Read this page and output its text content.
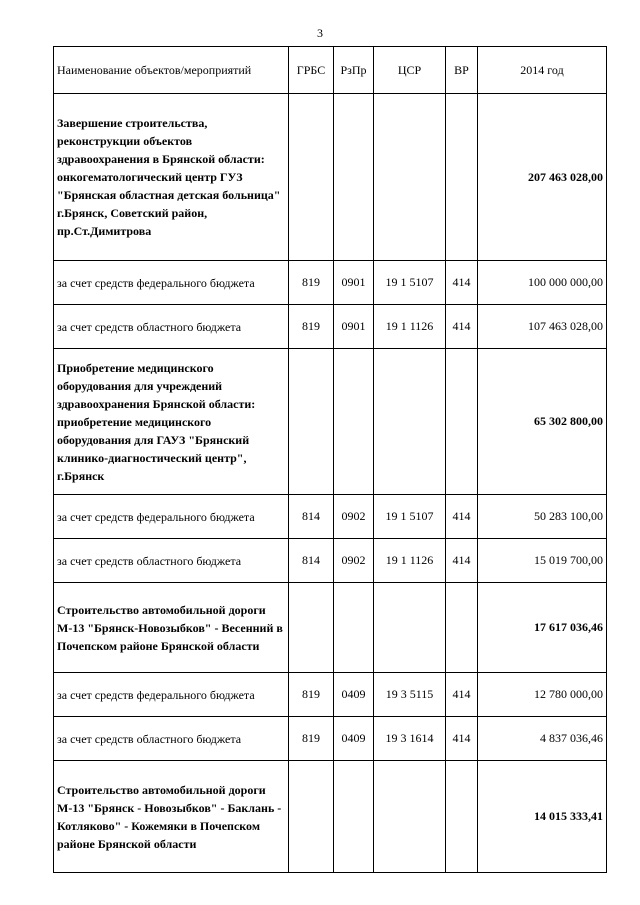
3
Наименование объектов/мероприятий	ГРБС	РзПр	ЦСР	ВР	2014 год
Завершение строительства, реконструкции объектов здравоохранения в Брянской области: онкогематологический центр ГУЗ "Брянская областная детская больница" г.Брянск, Советский район, пр.Ст.Димитрова					207 463 028,00
за счет средств федерального бюджета	819	0901	19 1 5107	414	100 000 000,00
за счет средств областного бюджета	819	0901	19 1 1126	414	107 463 028,00
Приобретение медицинского оборудования для учреждений здравоохранения Брянской области: приобретение медицинского оборудования для ГАУЗ "Брянский клинико-диагностический центр", г.Брянск					65 302 800,00
за счет средств федерального бюджета	814	0902	19 1 5107	414	50 283 100,00
за счет средств областного бюджета	814	0902	19 1 1126	414	15 019 700,00
Строительство автомобильной дороги М-13 "Брянск-Новозыбков" - Весенний в Почепском районе Брянской области					17 617 036,46
за счет средств федерального бюджета	819	0409	19 3 5115	414	12 780 000,00
за счет средств областного бюджета	819	0409	19 3 1614	414	4 837 036,46
Строительство автомобильной дороги М-13 "Брянск - Новозыбков" - Баклань - Котляково" - Кожемяки в Почепском районе Брянской области					14 015 333,41
